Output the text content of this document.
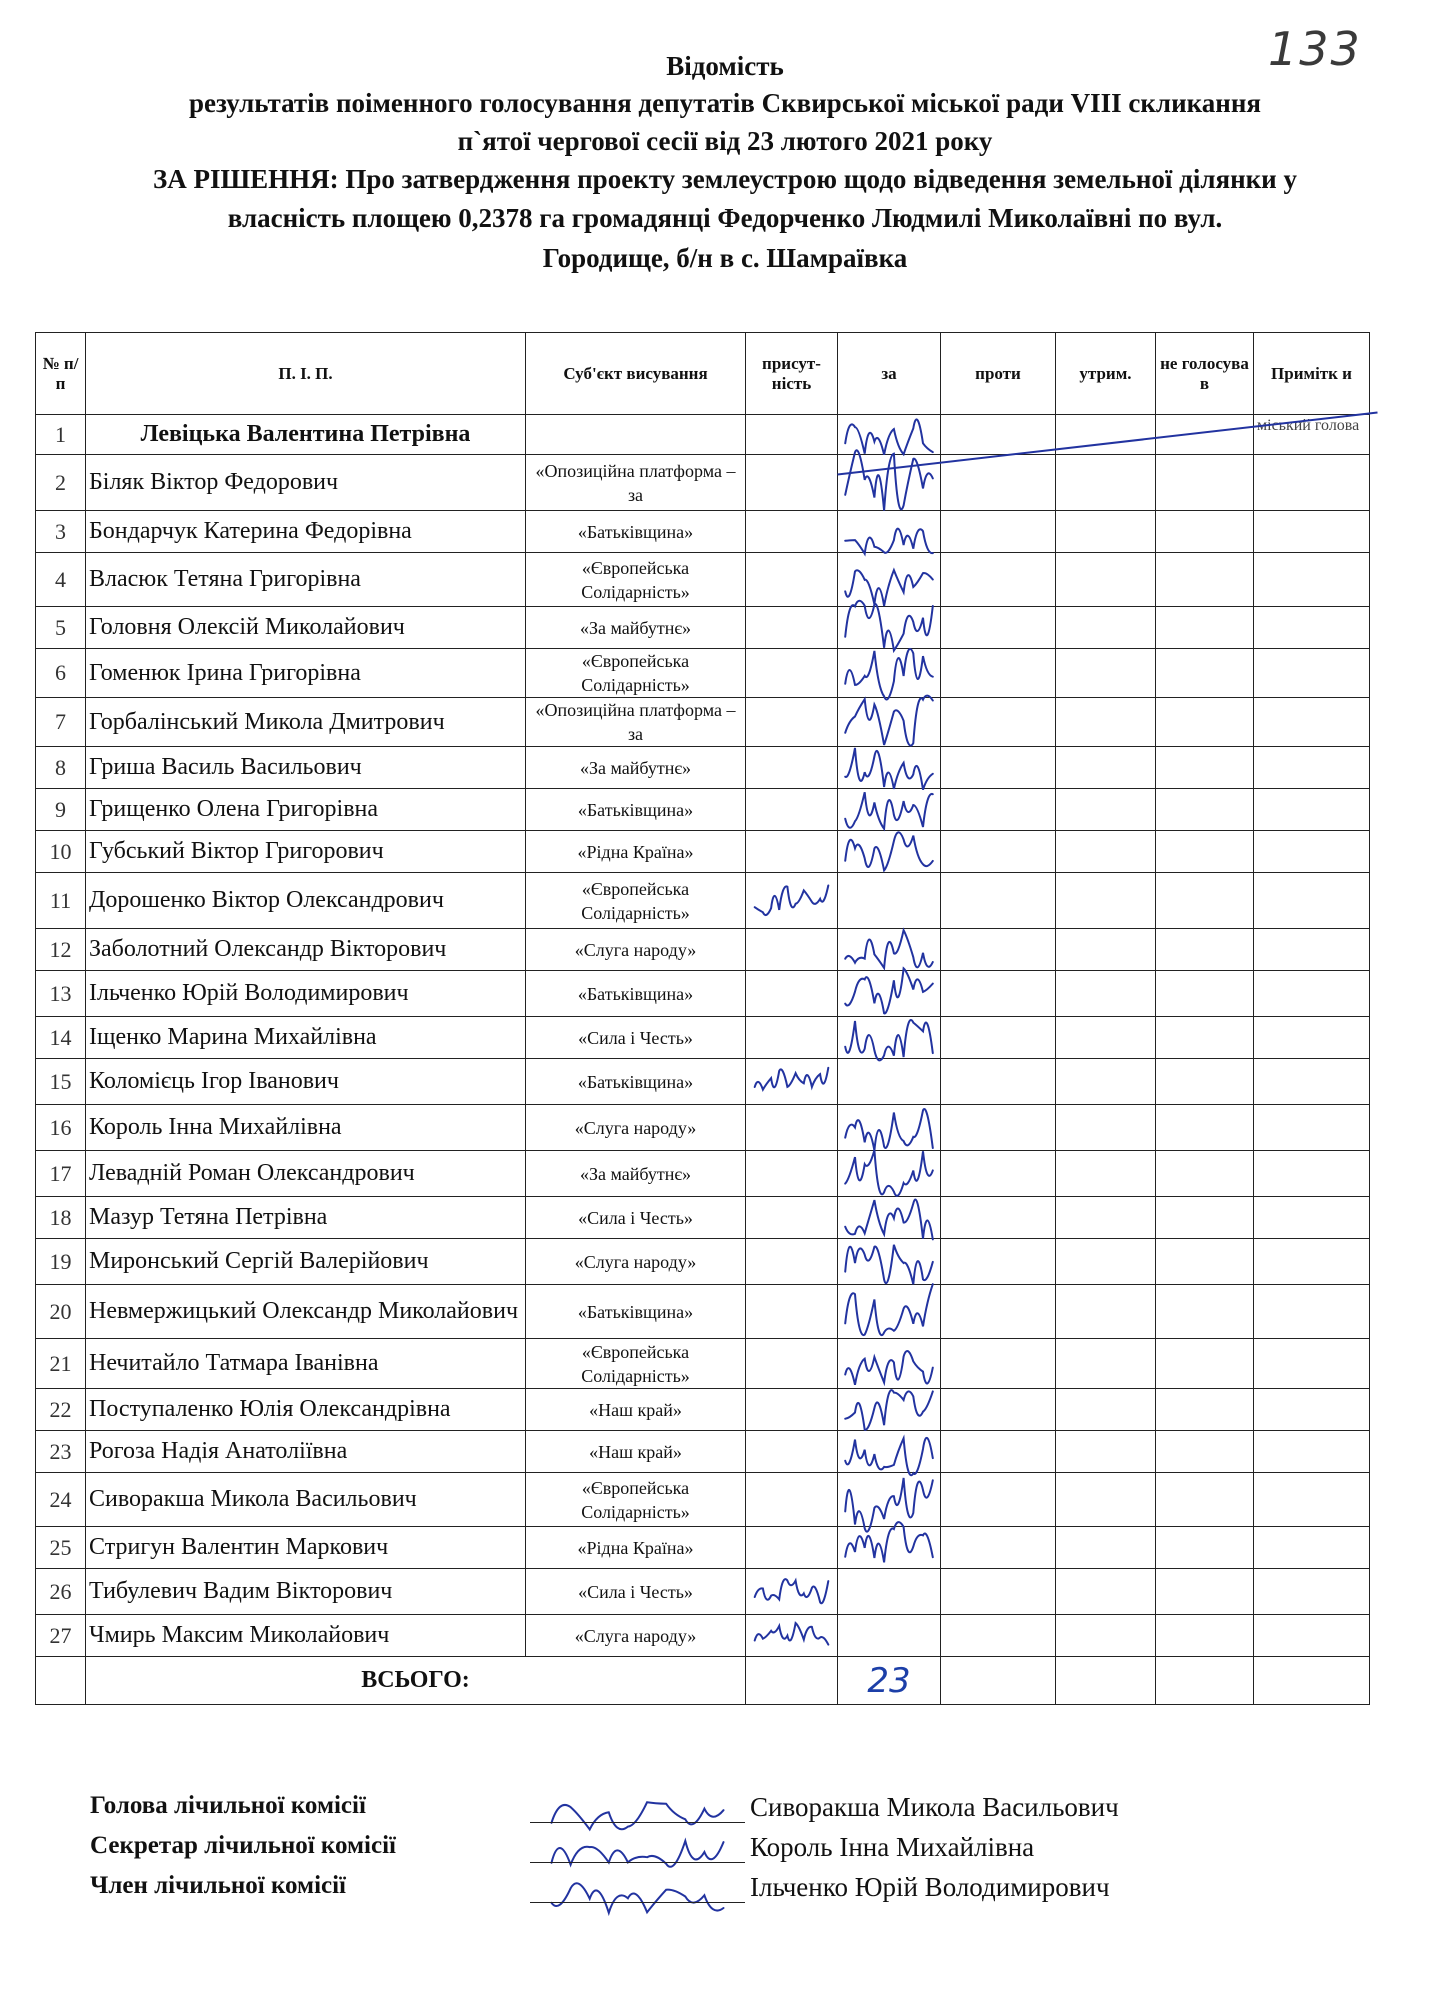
133
Відомість
результатів поіменного голосування депутатів Сквирської міської ради VIII скликання
п`ятої чергової сесії від 23 лютого 2021 року
ЗА РІШЕННЯ: Про затвердження проекту землеустрою щодо відведення земельної ділянки у
власність площею 0,2378 га громадянці Федорченко Людмилі Миколаївні по вул.
Городище, б/н в с. Шамраївка
№ п/п	П. І. П.	Суб'єкт висування	присут-ність	за	проти	утрим.	не голосува в	Примітк и
1	Левіцька Валентина Петрівна							міський голова
2	Біляк Віктор Федорович	«Опозиційна платформа – за						
3	Бондарчук Катерина Федорівна	«Батьківщина»						
4	Власюк Тетяна Григорівна	«Європейська Солідарність»						
5	Головня Олексій Миколайович	«За майбутнє»						
6	Гоменюк Ірина Григорівна	«Європейська Солідарність»						
7	Горбалінський Микола Дмитрович	«Опозиційна платформа – за						
8	Гриша Василь Васильович	«За майбутнє»						
9	Грищенко Олена Григорівна	«Батьківщина»						
10	Губський Віктор Григорович	«Рідна Країна»						
11	Дорошенко Віктор Олександрович	«Європейська Солідарність»						
12	Заболотний Олександр Вікторович	«Слуга народу»						
13	Ільченко Юрій Володимирович	«Батьківщина»						
14	Іщенко Марина Михайлівна	«Сила і Честь»						
15	Коломієць Ігор Іванович	«Батьківщина»						
16	Король Інна Михайлівна	«Слуга народу»						
17	Левадній Роман Олександрович	«За майбутнє»						
18	Мазур Тетяна Петрівна	«Сила і Честь»						
19	Миронський Сергій Валерійович	«Слуга народу»						
20	Невмержицький Олександр Миколайович	«Батьківщина»						
21	Нечитайло Татмара Іванівна	«Європейська Солідарність»						
22	Поступаленко Юлія Олександрівна	«Наш край»						
23	Рогоза Надія Анатоліївна	«Наш край»						
24	Сиворакша Микола Васильович	«Європейська Солідарність»						
25	Стригун Валентин Маркович	«Рідна Країна»						
26	Тибулевич Вадим Вікторович	«Сила і Честь»						
27	Чмирь Максим Миколайович	«Слуга народу»						
	ВСЬОГО:			23				
Голова лічильної комісії	Сиворакша Микола Васильович
Секретар лічильної комісії	Король Інна Михайлівна
Член лічильної комісії	Ільченко Юрій Володимирович
